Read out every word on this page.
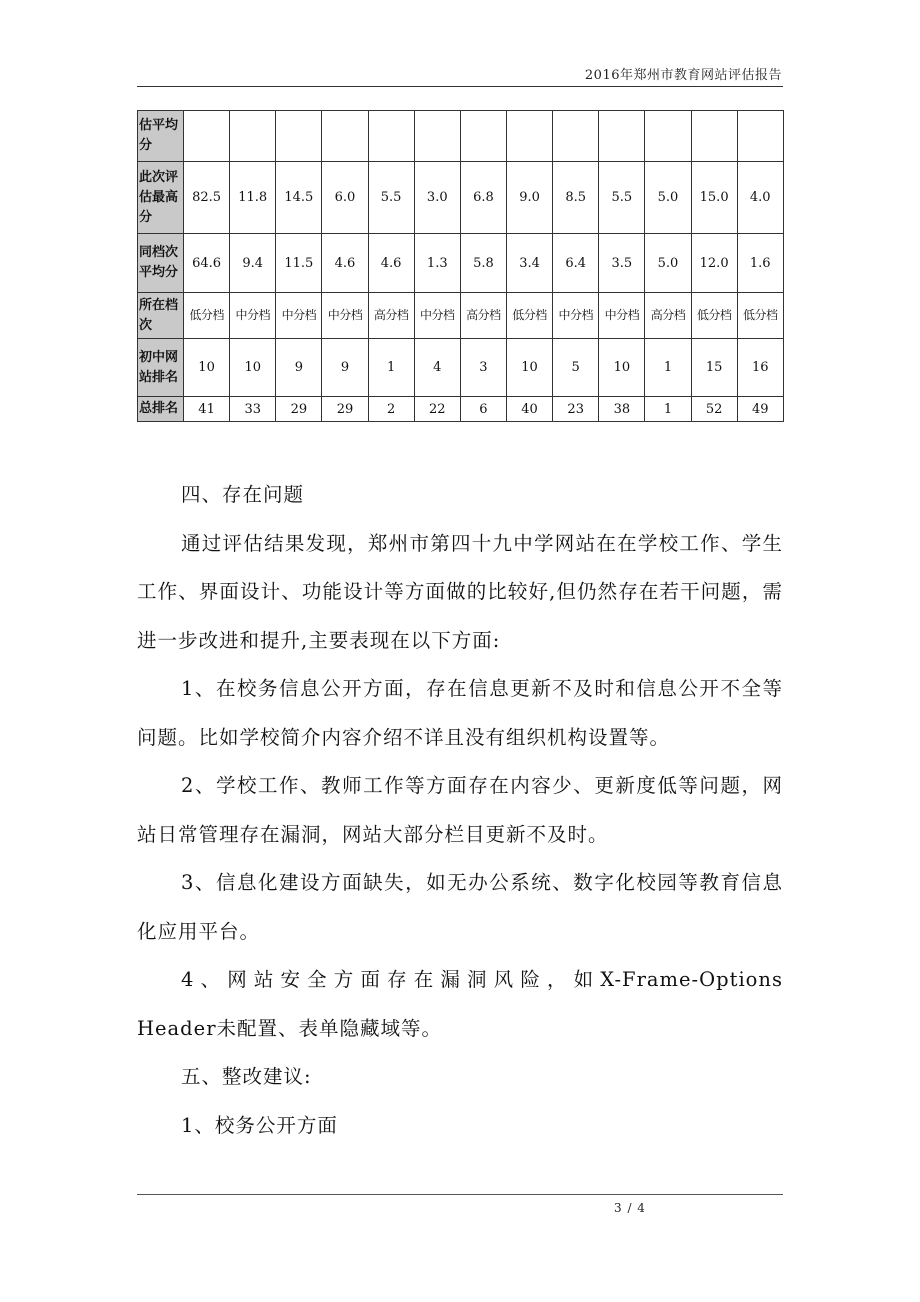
2016年郑州市教育网站评估报告
估平均分													
此次评估最高分	82.5	11.8	14.5	6.0	5.5	3.0	6.8	9.0	8.5	5.5	5.0	15.0	4.0
同档次平均分	64.6	9.4	11.5	4.6	4.6	1.3	5.8	3.4	6.4	3.5	5.0	12.0	1.6
所在档次	低分档	中分档	中分档	中分档	高分档	中分档	高分档	低分档	中分档	中分档	高分档	低分档	低分档
初中网站排名	10	10	9	9	1	4	3	10	5	10	1	15	16
总排名	41	33	29	29	2	22	6	40	23	38	1	52	49

四、存在问题

通过评估结果发现，郑州市第四十九中学网站在在学校工作、学生工作、界面设计、功能设计等方面做的比较好,但仍然存在若干问题，需进一步改进和提升,主要表现在以下方面:

1、在校务信息公开方面，存在信息更新不及时和信息公开不全等问题。比如学校简介内容介绍不详且没有组织机构设置等。

2、学校工作、教师工作等方面存在内容少、更新度低等问题，网站日常管理存在漏洞，网站大部分栏目更新不及时。

3、信息化建设方面缺失，如无办公系统、数字化校园等教育信息化应用平台。

4、网站安全方面存在漏洞风险，如X-Frame-Options　Header未配置、表单隐藏域等。

五、整改建议:

1、校务公开方面

3 / 4
